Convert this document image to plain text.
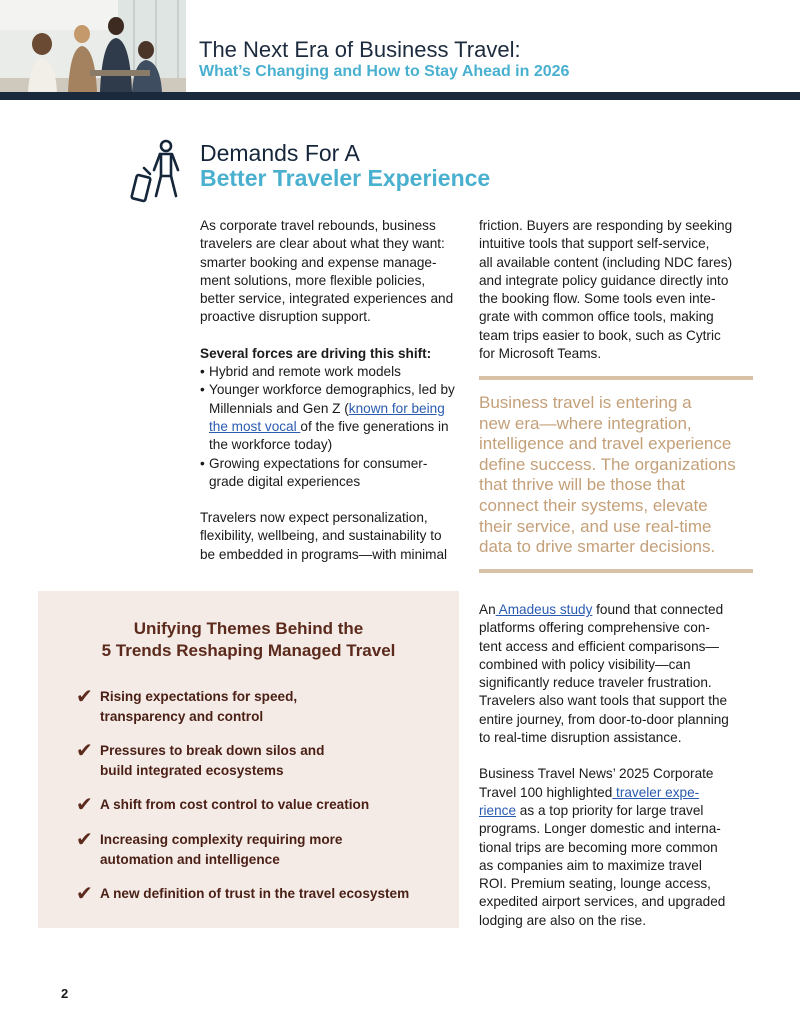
The Next Era of Business Travel:
What’s Changing and How to Stay Ahead in 2026
Demands For A
Better Traveler Experience

As corporate travel rebounds, business

travelers are clear about what they want:

smarter booking and expense manage-

ment solutions, more flexible policies,

better service, integrated experiences and

proactive disruption support.

Several forces are driving this shift:

• Hybrid and remote work models
• Younger workforce demographics, led by
Millennials and Gen Z (known for being
the most vocal of the five generations in
the workforce today)
• Growing expectations for consumer-
grade digital experiences

Travelers now expect personalization,

flexibility, wellbeing, and sustainability to

be embedded in programs—with minimal

friction. Buyers are responding by seeking

intuitive tools that support self-service,

all available content (including NDC fares)

and integrate policy guidance directly into

the booking flow. Some tools even inte-

grate with common office tools, making

team trips easier to book, such as Cytric

for Microsoft Teams.

Business travel is entering a
new era—where integration,
intelligence and travel experience
define success. The organizations
that thrive will be those that
connect their systems, elevate
their service, and use real-time
data to drive smarter decisions.

An Amadeus study found that connected

platforms offering comprehensive con-

tent access and efficient comparisons—

combined with policy visibility—can

significantly reduce traveler frustration.

Travelers also want tools that support the

entire journey, from door-to-door planning

to real-time disruption assistance.

Business Travel News’ 2025 Corporate

Travel 100 highlighted traveler expe-

rience as a top priority for large travel

programs. Longer domestic and interna-

tional trips are becoming more common

as companies aim to maximize travel

ROI. Premium seating, lounge access,

expedited airport services, and upgraded

lodging are also on the rise.

Unifying Themes Behind the
5 Trends Reshaping Managed Travel
✔ Rising expectations for speed,
transparency and control
✔ Pressures to break down silos and
build integrated ecosystems
✔ A shift from cost control to value creation
✔ Increasing complexity requiring more
automation and intelligence
✔ A new definition of trust in the travel ecosystem
2
